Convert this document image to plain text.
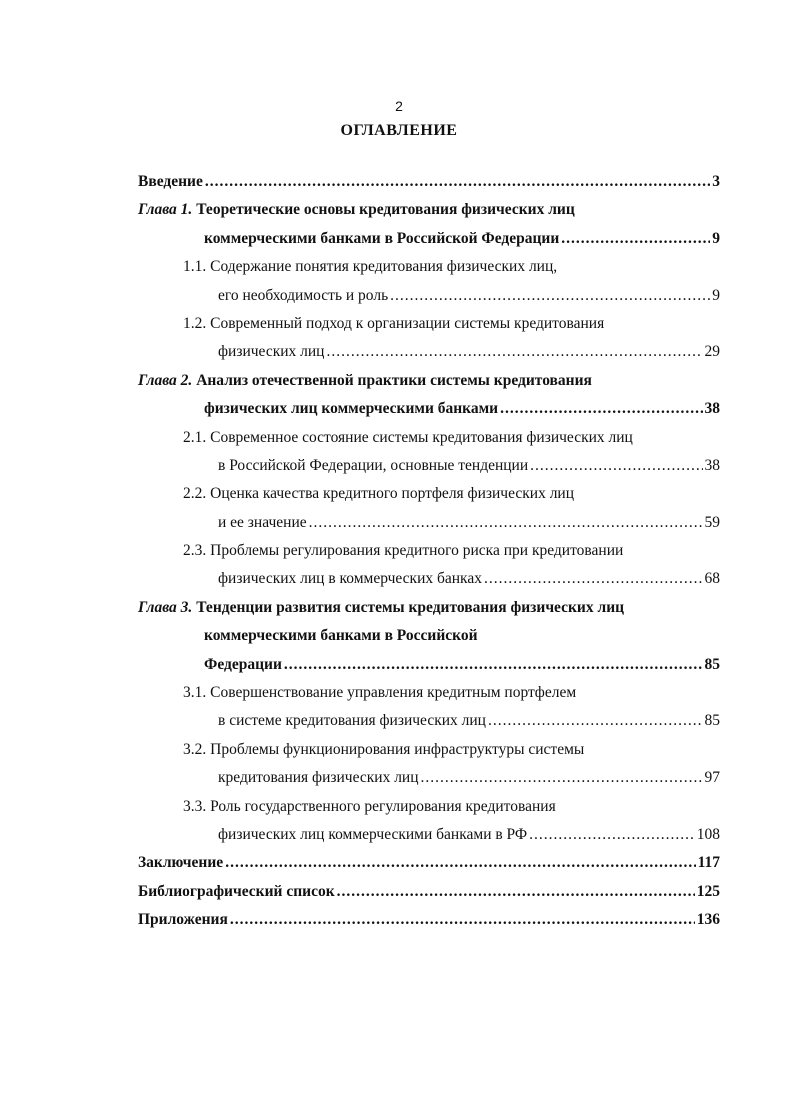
2
ОГЛАВЛЕНИЕ
Введение .....	3
Глава 1. Теоретические основы кредитования физических лиц
коммерческими банками в Российской Федерации .....	9
1.1. Содержание понятия кредитования физических лиц,
его необходимость и роль .....	9
1.2. Современный подход к организации системы кредитования
физических лиц .....	29
Глава 2. Анализ отечественной практики системы кредитования
физических лиц коммерческими банками .....	38
2.1. Современное состояние системы кредитования физических лиц
в Российской Федерации, основные тенденции .....	38
2.2. Оценка качества кредитного портфеля физических лиц
и ее значение .....	59
2.3. Проблемы регулирования кредитного риска при кредитовании
физических лиц в коммерческих банках .....	68
Глава 3. Тенденции развития системы кредитования физических лиц
коммерческими банками в Российской
Федерации .....	85
3.1. Совершенствование управления кредитным портфелем
в системе кредитования физических лиц .....	85
3.2. Проблемы функционирования инфраструктуры системы
кредитования физических лиц .....	97
3.3. Роль государственного регулирования кредитования
физических лиц коммерческими банками в РФ .....	108
Заключение .....	117
Библиографический список .....	125
Приложения .....	136
